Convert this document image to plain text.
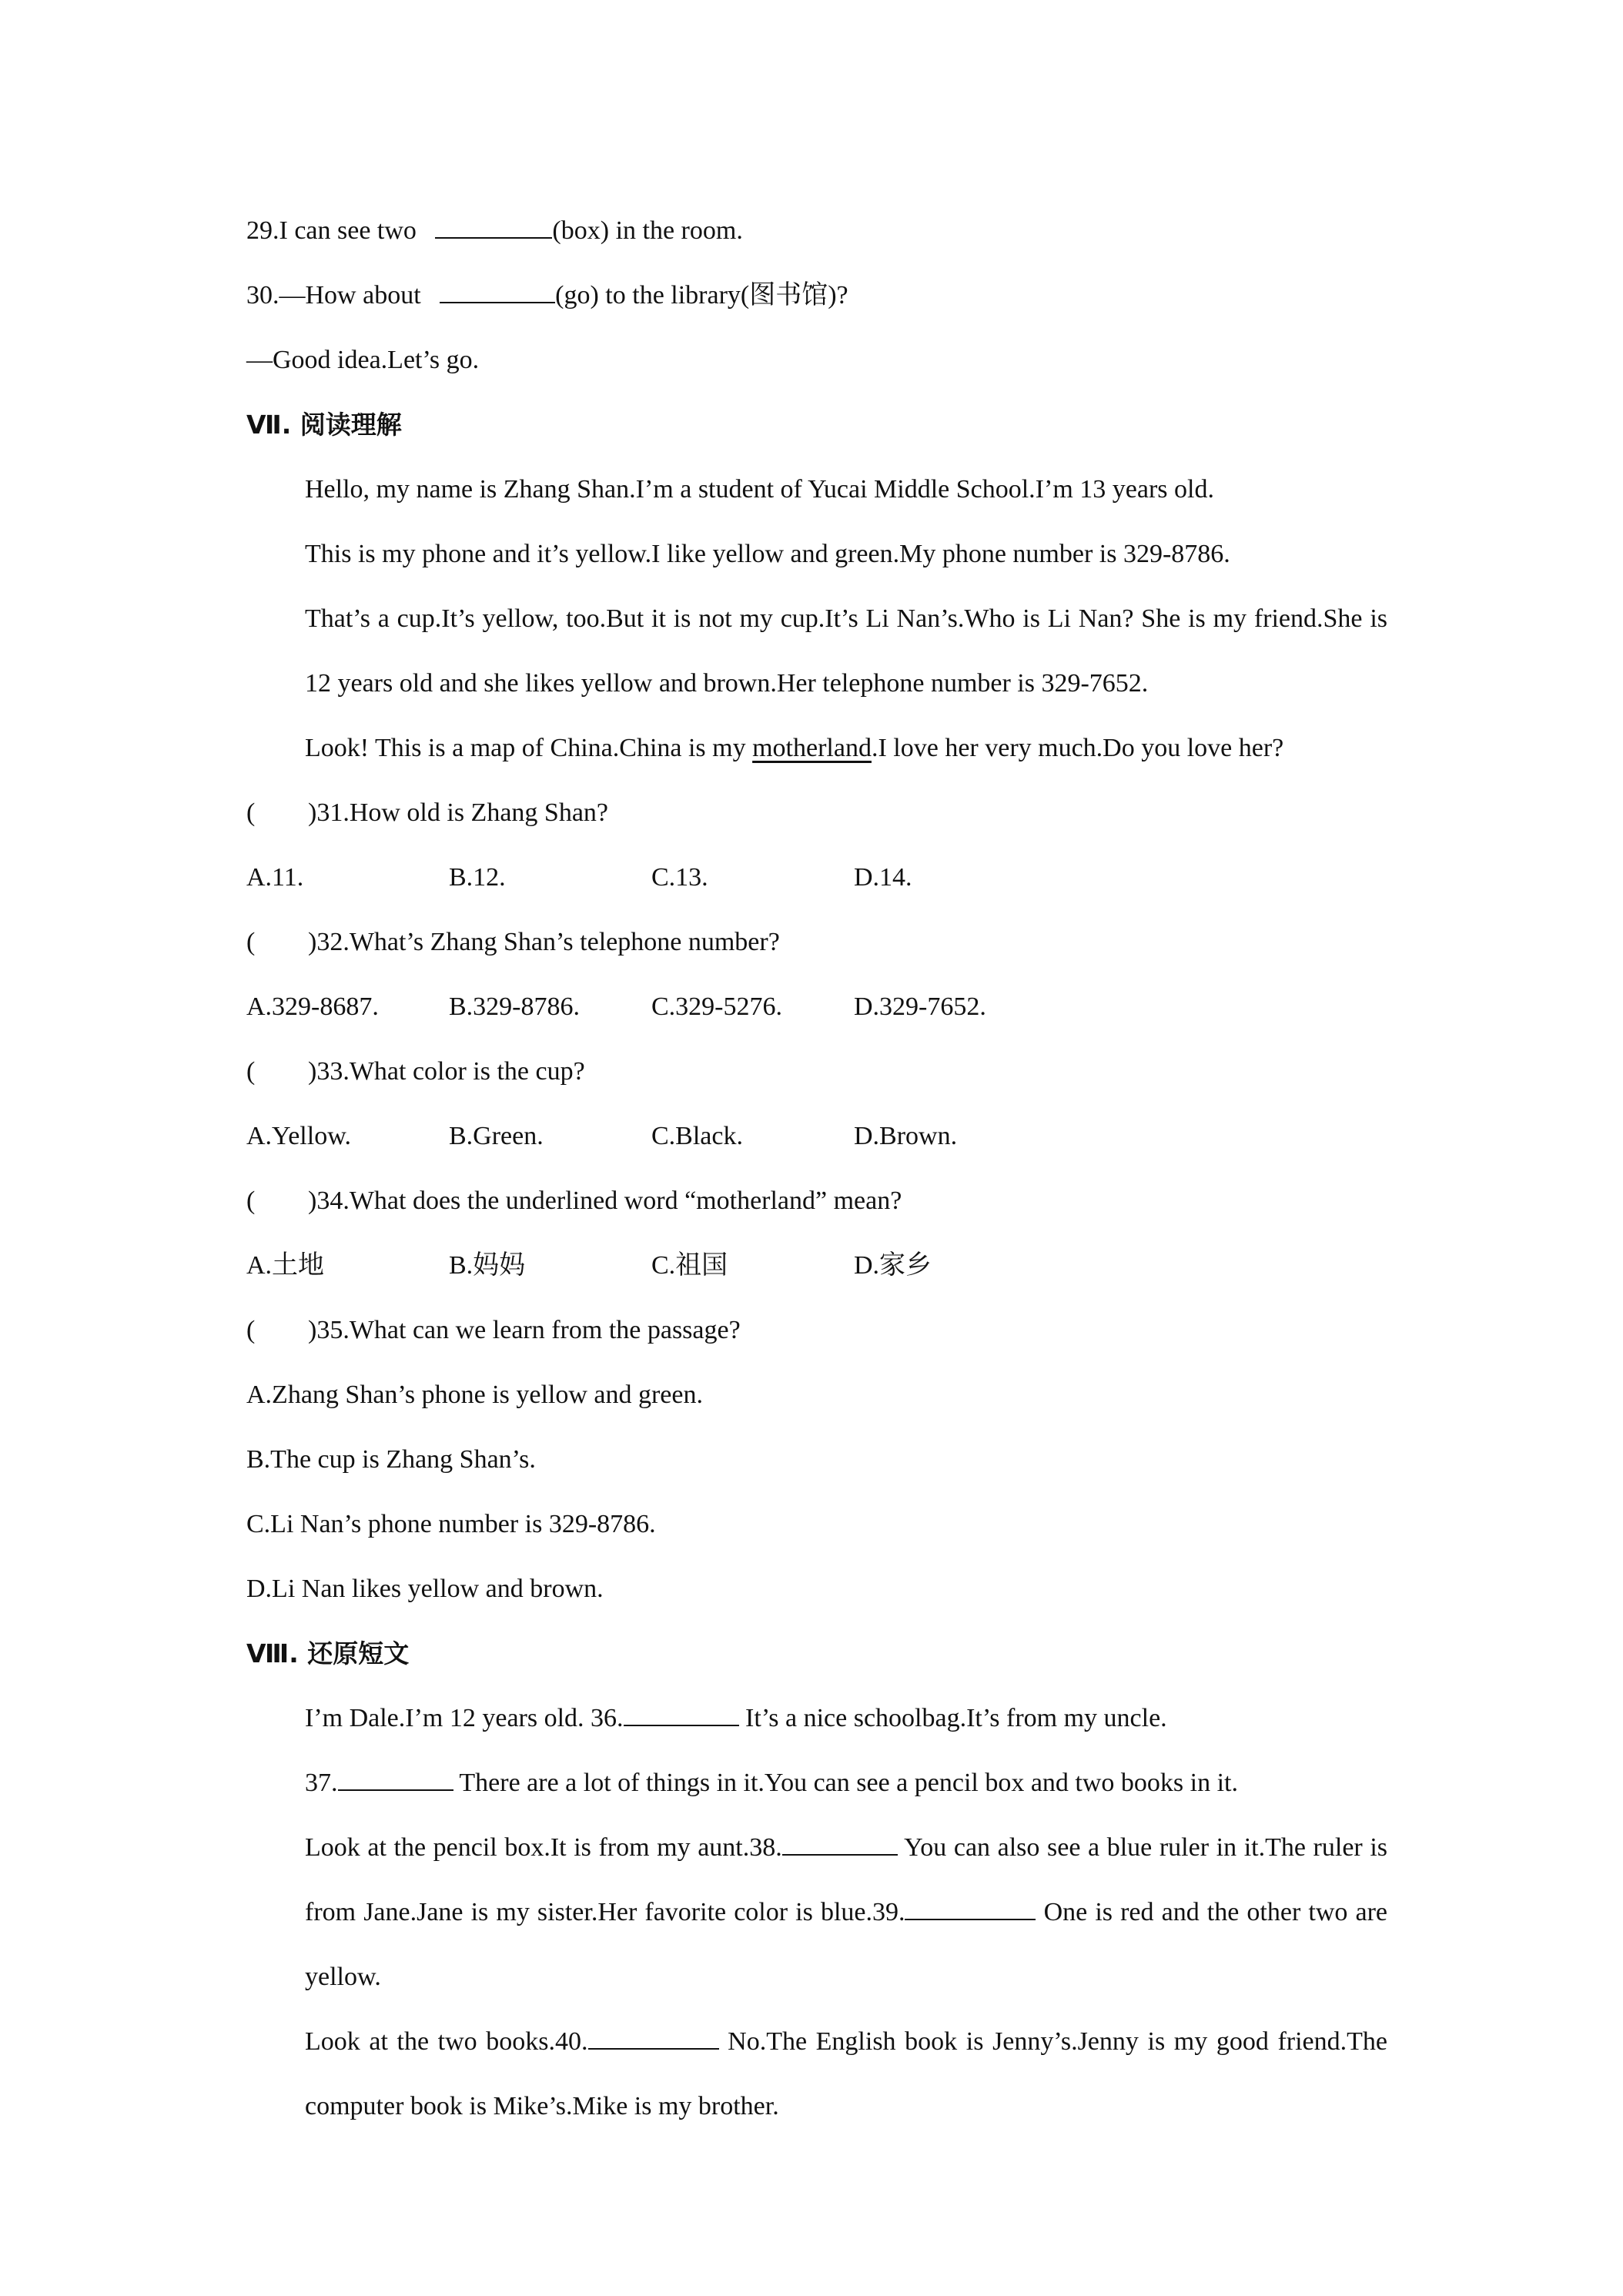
29.I can see two	(box) in the room.
30.—How about	(go) to the library(图书馆)?
—Good idea.Let’s go.
Ⅶ. 阅读理解
Hello, my name is Zhang Shan.I’m a student of Yucai Middle School.I’m 13 years old.
This is my phone and it’s yellow.I like yellow and green.My phone number is 329-8786.
That’s a cup.It’s yellow, too.But it is not my cup.It’s Li Nan’s.Who is Li Nan? She is my friend.She is 12 years old and she likes yellow and brown.Her telephone number is 329-7652.
Look! This is a map of China.China is my motherland.I love her very much.Do you love her?
( )31.How old is Zhang Shan?
A.11.	B.12.	C.13.	D.14.
( )32.What’s Zhang Shan’s telephone number?
A.329-8687.	B.329-8786.	C.329-5276.	D.329-7652.
( )33.What color is the cup?
A.Yellow.	B.Green.	C.Black.	D.Brown.
( )34.What does the underlined word “motherland” mean?
A.土地	B.妈妈	C.祖国	D.家乡
( )35.What can we learn from the passage?
A.Zhang Shan’s phone is yellow and green.
B.The cup is Zhang Shan’s.
C.Li Nan’s phone number is 329-8786.
D.Li Nan likes yellow and brown.
Ⅷ. 还原短文
I’m Dale.I’m 12 years old. 36.	It’s a nice schoolbag.It’s from my uncle.
37.	There are a lot of things in it.You can see a pencil box and two books in it.
Look at the pencil box.It is from my aunt.38.	You can also see a blue ruler in it.The ruler is from Jane.Jane is my sister.Her favorite color is blue.39.	One is red and the other two are yellow.
Look at the two books.40.	No.The English book is Jenny’s.Jenny is my good friend.The computer book is Mike’s.Mike is my brother.
